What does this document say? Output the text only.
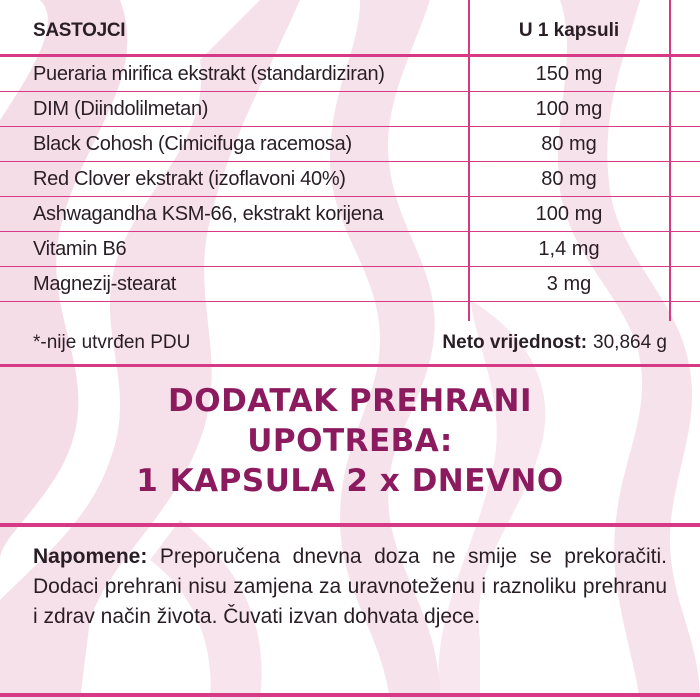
SASTOJCI	U 1 kapsuli
Pueraria mirifica ekstrakt (standardiziran)	150 mg
DIM (Diindolilmetan)	100 mg
Black Cohosh (Cimicifuga racemosa)	80 mg
Red Clover ekstrakt (izoflavoni 40%)	80 mg
Ashwagandha KSM-66, ekstrakt korijena	100 mg
Vitamin B6	1,4 mg
Magnezij-stearat	3 mg
*-nije utvrđen PDU	Neto vrijednost: 30,864 g
DODATAK PREHRANI
UPOTREBA:
1 KAPSULA 2 x DNEVNO
Napomene: Preporučena dnevna doza ne smije se prekoračiti. Dodaci prehrani nisu zamjena za uravnoteženu i raznoliku prehranu i zdrav način života. Čuvati izvan dohvata djece.
